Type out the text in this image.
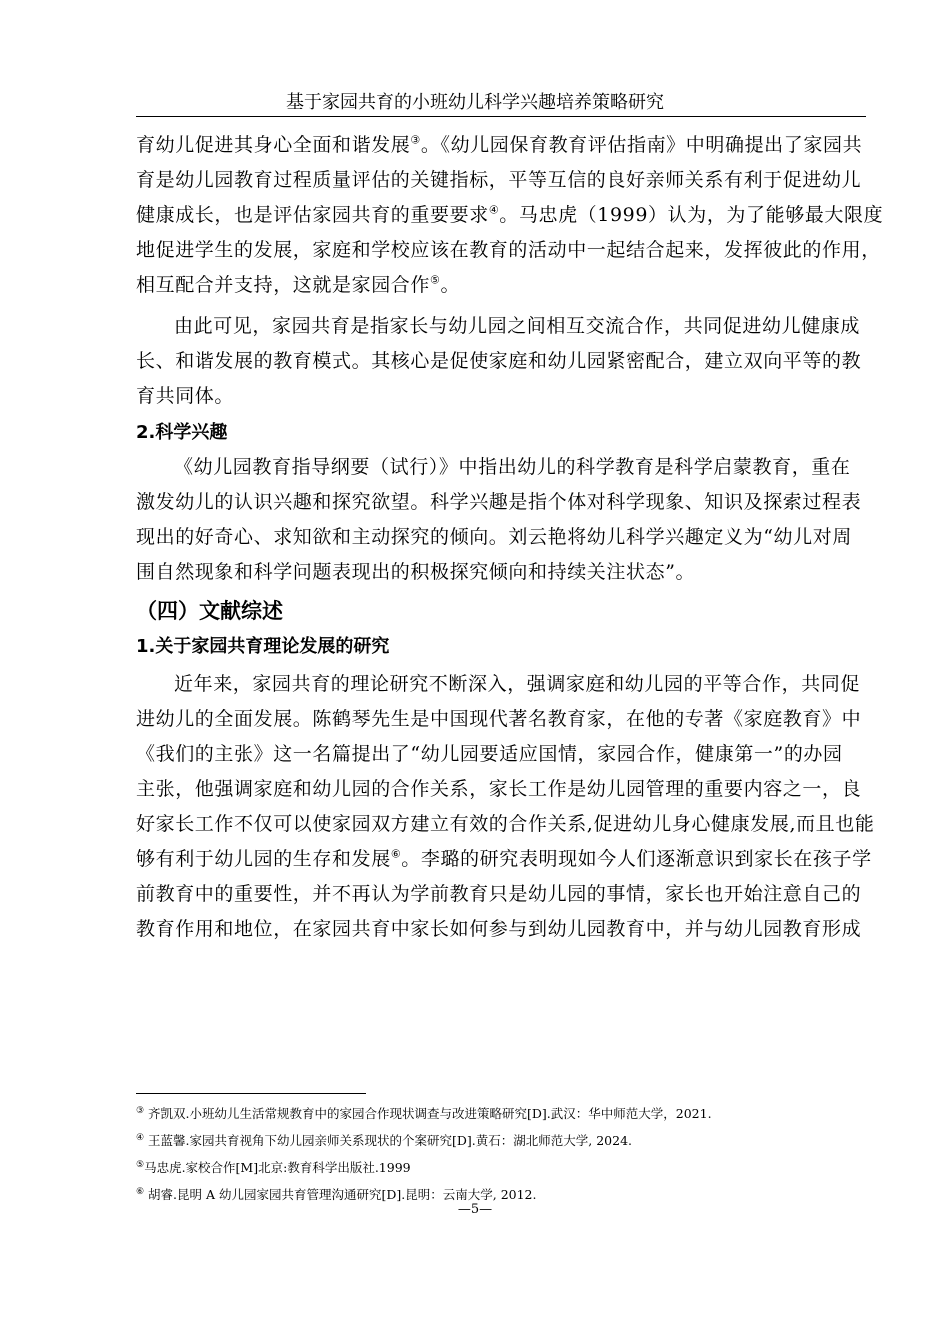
基于家园共育的小班幼儿科学兴趣培养策略研究

育幼儿促进其身心全面和谐发展③。《幼儿园保育教育评估指南》中明确提出了家园共
育是幼儿园教育过程质量评估的关键指标，平等互信的良好亲师关系有利于促进幼儿
健康成长，也是评估家园共育的重要要求④。马忠虎（1999）认为，为了能够最大限度
地促进学生的发展，家庭和学校应该在教育的活动中一起结合起来，发挥彼此的作用，
相互配合并支持，这就是家园合作⑤。

由此可见，家园共育是指家长与幼儿园之间相互交流合作，共同促进幼儿健康成
长、和谐发展的教育模式。其核心是促使家庭和幼儿园紧密配合，建立双向平等的教
育共同体。

2.科学兴趣

《幼儿园教育指导纲要（试行）》中指出幼儿的科学教育是科学启蒙教育，重在
激发幼儿的认识兴趣和探究欲望。科学兴趣是指个体对科学现象、知识及探索过程表
现出的好奇心、求知欲和主动探究的倾向。刘云艳将幼儿科学兴趣定义为“幼儿对周
围自然现象和科学问题表现出的积极探究倾向和持续关注状态”。

（四）文献综述
1.关于家园共育理论发展的研究

近年来，家园共育的理论研究不断深入，强调家庭和幼儿园的平等合作，共同促
进幼儿的全面发展。陈鹤琴先生是中国现代著名教育家，在他的专著《家庭教育》中
《我们的主张》这一名篇提出了“幼儿园要适应国情，家园合作，健康第一”的办园
主张，他强调家庭和幼儿园的合作关系，家长工作是幼儿园管理的重要内容之一，良
好家长工作不仅可以使家园双方建立有效的合作关系,促进幼儿身心健康发展,而且也能
够有利于幼儿园的生存和发展⑥。李璐的研究表明现如今人们逐渐意识到家长在孩子学
前教育中的重要性，并不再认为学前教育只是幼儿园的事情，家长也开始注意自己的
教育作用和地位，在家园共育中家长如何参与到幼儿园教育中，并与幼儿园教育形成

③ 齐凯双.小班幼儿生活常规教育中的家园合作现状调查与改进策略研究[D].武汉：华中师范大学，2021.
④ 王蓝馨.家园共育视角下幼儿园亲师关系现状的个案研究[D].黄石：湖北师范大学, 2024.
⑤马忠虎.家校合作[M]北京:教育科学出版社.1999
⑥ 胡睿.昆明 A 幼儿园家园共育管理沟通研究[D].昆明：云南大学, 2012.
—5—
